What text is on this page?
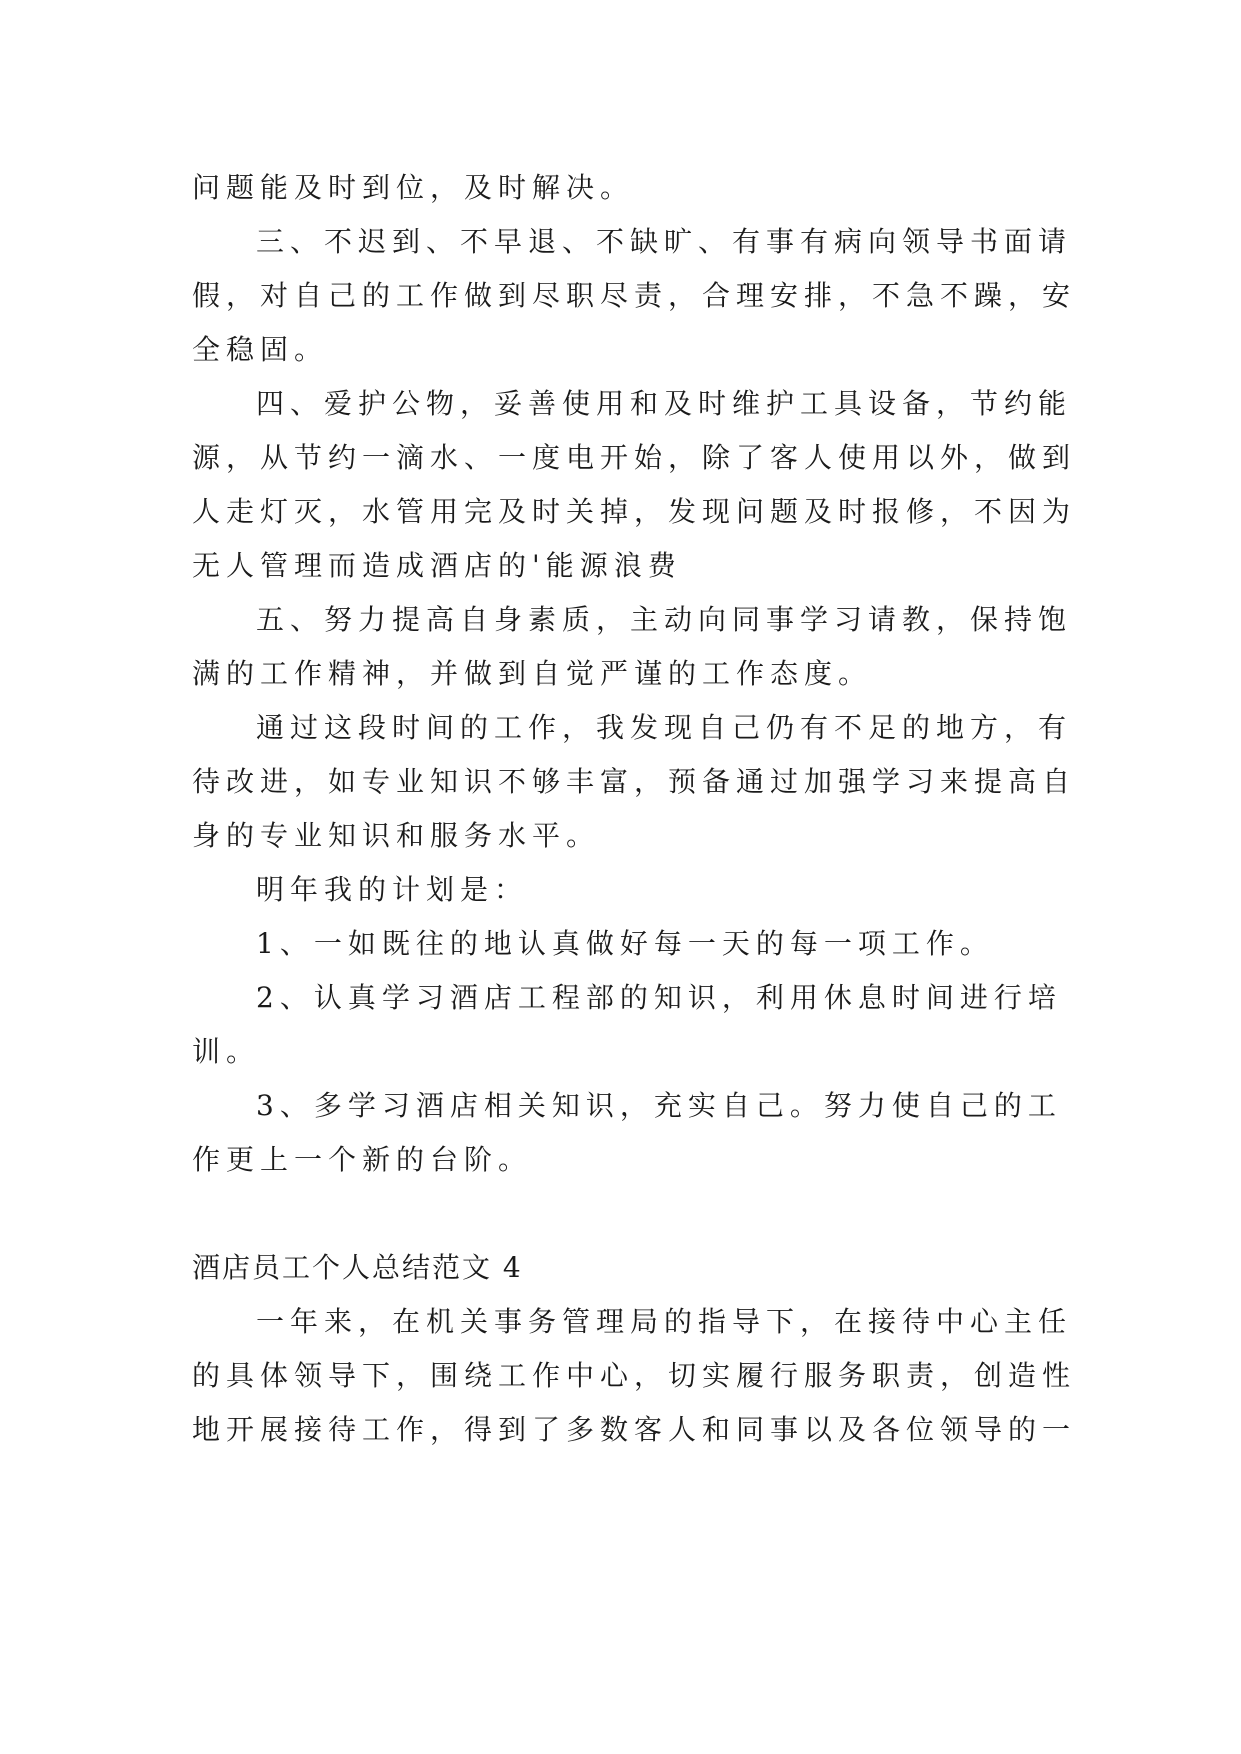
问题能及时到位，及时解决。
三、不迟到、不早退、不缺旷、有事有病向领导书面请
假，对自己的工作做到尽职尽责，合理安排，不急不躁，安
全稳固。
四、爱护公物，妥善使用和及时维护工具设备，节约能
源，从节约一滴水、一度电开始，除了客人使用以外，做到
人走灯灭，水管用完及时关掉，发现问题及时报修，不因为
无人管理而造成酒店的'能源浪费
五、努力提高自身素质，主动向同事学习请教，保持饱
满的工作精神，并做到自觉严谨的工作态度。
通过这段时间的工作，我发现自己仍有不足的地方，有
待改进，如专业知识不够丰富，预备通过加强学习来提高自
身的专业知识和服务水平。
明年我的计划是：
1、一如既往的地认真做好每一天的每一项工作。
2、认真学习酒店工程部的知识，利用休息时间进行培
训。
3、多学习酒店相关知识，充实自己。努力使自己的工
作更上一个新的台阶。
酒店员工个人总结范文 4
一年来，在机关事务管理局的指导下，在接待中心主任
的具体领导下，围绕工作中心，切实履行服务职责，创造性
地开展接待工作，得到了多数客人和同事以及各位领导的一
